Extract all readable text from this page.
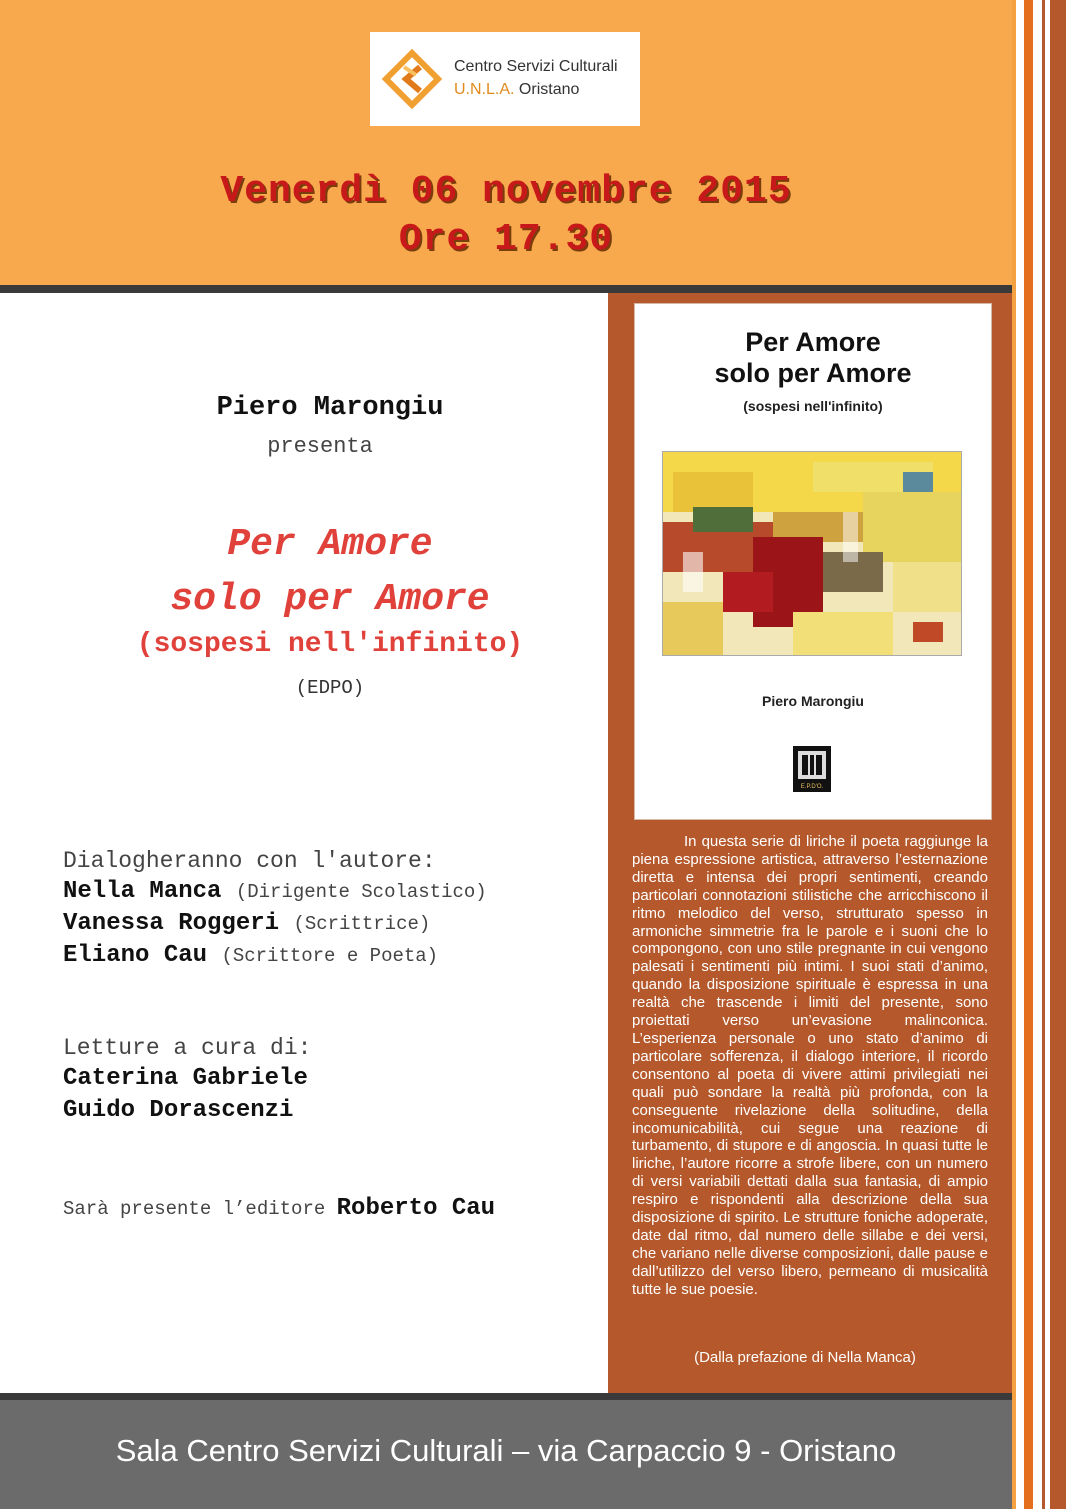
Centro Servizi Culturali
U.N.L.A. Oristano
Venerdì 06 novembre 2015
Ore 17.30
Piero Marongiu
presenta
Per Amore
solo per Amore
(sospesi nell'infinito)
(EDPO)
Dialogheranno con l'autore:
Nella Manca (Dirigente Scolastico)
Vanessa Roggeri (Scrittrice)
Eliano Cau (Scrittore e Poeta)
Letture a cura di:
Caterina Gabriele
Guido Dorascenzi
Sarà presente l’editore Roberto Cau
Per Amore
solo per Amore
(sospesi nell'infinito)
Piero Marongiu
E.P.D'O.

In questa serie di liriche il poeta raggiunge la piena espressione artistica, attraverso l’esternazione diretta e intensa dei propri sentimenti, creando particolari connotazioni stilistiche che arricchiscono il ritmo melodico del verso, strutturato spesso in armoniche simmetrie fra le parole e i suoni che lo compongono, con uno stile pregnante in cui vengono palesati i sentimenti più intimi. I suoi stati d’animo, quando la disposizione spirituale è espressa in una realtà che trascende i limiti del presente, sono proiettati verso un’evasione malinconica. L’esperienza personale o uno stato d’animo di particolare sofferenza, il dialogo interiore, il ricordo consentono al poeta di vivere attimi privilegiati nei quali può sondare la realtà più profonda, con la conseguente rivelazione della solitudine, della incomunicabilità, cui segue una reazione di turbamento, di stupore e di angoscia. In quasi tutte le liriche, l’autore ricorre a strofe libere, con un numero di versi variabili dettati dalla sua fantasia, di ampio respiro e rispondenti alla descrizione della sua disposizione di spirito. Le strutture foniche adoperate, date dal ritmo, dal numero delle sillabe e dei versi, che variano nelle diverse composizioni, dalle pause e dall’utilizzo del verso libero, permeano di musicalità tutte le sue poesie.

(Dalla prefazione di Nella Manca)
Sala Centro Servizi Culturali – via Carpaccio 9 - Oristano
